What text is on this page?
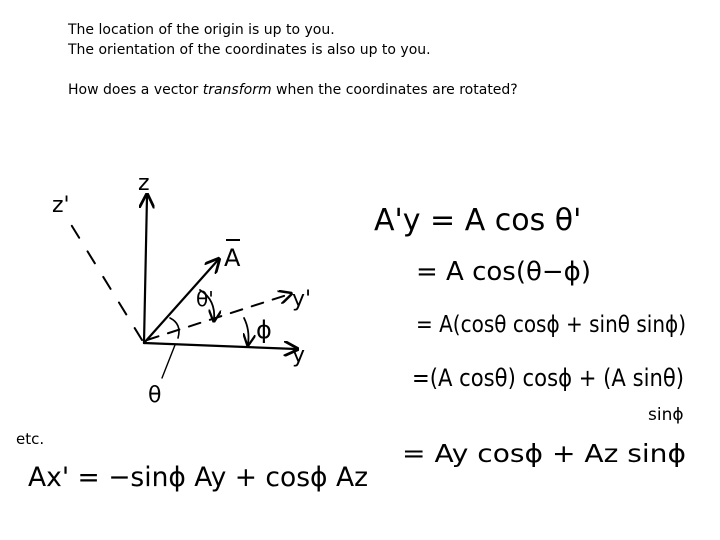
The location of the origin is up to you.

The orientation of the coordinates is also up to you.

How does a vector transform when the coordinates are rotated?

z
z'
y
y'
A
θ'
ϕ
θ
A'y = A cos θ'
= A cos(θ−ϕ)
= A(cosθ cosϕ + sinθ sinϕ)
=(A cosθ) cosϕ + (A sinθ)
sinϕ
= Ay cosϕ + Az sinϕ
etc.
Ax' = −sinϕ Ay + cosϕ Az
